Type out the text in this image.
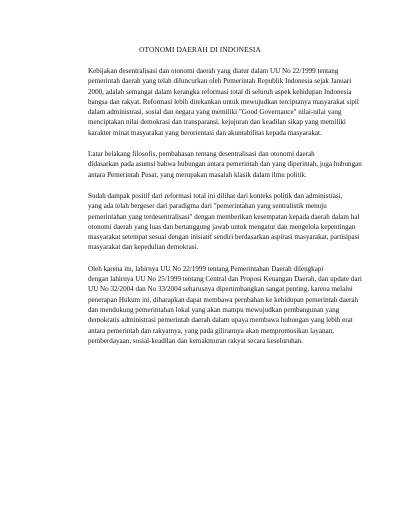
OTONOMI DAERAH DI INDONESIA

Kebijakan desentralisasi dan otonomi daerah yang diatur dalam UU No 22/1999 tentang
pemerintah daerah yang telah diluncurkan oleh Pemerintah Republik Indonesia sejak Januari
2000, adalah semangat dalam kerangka reformasi total di seluruh aspek kehidupan Indonesia
bangsa dan rakyat. Reformasi lebih ditekankan untuk mewujudkan terciptanya masyarakat sipil
dalam administrasi, sosial dan negara yang memiliki "Good Governance" nilai-nilai yang
menciptakan nilai demokrasi dan transparansi, kejujuran dan keadilan sikap yang memiliki
karakter minat masyarakat yang berorientasi dan akuntabilitas kepada masyarakat.

Latar belakang filosofis, pembahasan tentang desentralisasi dan otonomi daerah
didasarkan pada asumsi bahwa hubungan antara pemerintah dan yang diperintah, juga hubungan
antara Pemerintah Pusat, yang merupakan masalah klasik dalam ilmu politik.

Sudah dampak positif dari reformasi total ini dilihat dari konteks politik dan administrasi,
yang ada telah bergeser dari paradigma dari "pemerintahan yang sentralistik menuju
pemerintahan yang terdesentralisasi" dengan memberikan kesempatan kepada daerah dalam hal
otonomi daerah yang luas dan bertanggung jawab untuk mengatur dan mengelola kepentingan
masyarakat setempat sesuai dengan inisiatif sendiri berdasarkan aspirasi masyarakat, partisipasi
masyarakat dan kepedulian demokrasi.

Oleh karena itu, lahirnya UU No 22/1999 tentang Pemerintahan Daerah dilengkapi
dengan lahirnya UU No 25/1999 tentang Central dan Proposi Keuangan Daerah, dan update dari
UU No 32/2004 dan No 33/2004 seharusnya dipertimbangkan sangat penting, karena melalui
penerapan Hukum ini, diharapkan dapat membawa perubahan ke kehidupan pemerintah daerah
dan mendukung pemerintahan lokal yang akan mampu mewujudkan pembangunan yang
demokratis administrasi pemerintah daerah dalam upaya membawa hubungan yang lebih erat
antara pemerintah dan rakyatnya, yang pada gilirannya akan mempromosikan layanan,
pemberdayaan, sosial-keadilan dan kemakmuran rakyat secara keseluruhan.
